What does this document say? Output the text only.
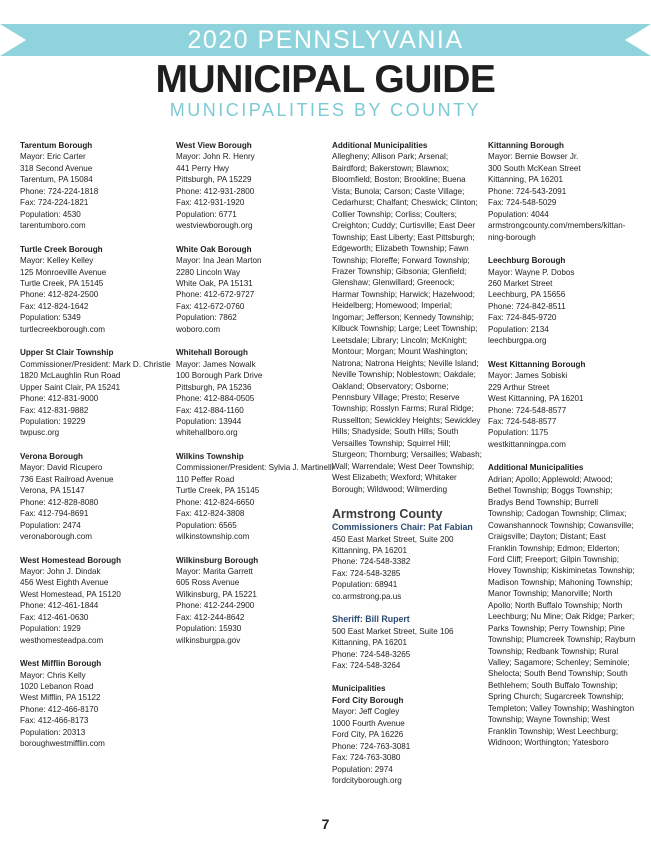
2020 PENNSLYVANIA
MUNICIPAL GUIDE
MUNICIPALITIES BY COUNTY
Tarentum Borough
Mayor: Eric Carter
318 Second Avenue
Tarentum, PA 15084
Phone: 724-224-1818
Fax: 724-224-1821
Population: 4530
tarentumboro.com
Turtle Creek Borough
Mayor: Kelley Kelley
125 Monroeville Avenue
Turtle Creek, PA 15145
Phone: 412-824-2500
Fax: 412-824-1642
Population: 5349
turtlecreekborough.com
Upper St Clair Township
Commissioner/President: Mark D. Christie
1820 McLaughlin Run Road
Upper Saint Clair, PA 15241
Phone: 412-831-9000
Fax: 412-831-9882
Population: 19229
twpusc.org
Verona Borough
Mayor: David Ricupero
736 East Railroad Avenue
Verona, PA 15147
Phone: 412-828-8080
Fax: 412-794-8691
Population: 2474
veronaborough.com
West Homestead Borough
Mayor: John J. Dindak
456 West Eighth Avenue
West Homestead, PA 15120
Phone: 412-461-1844
Fax: 412-461-0630
Population: 1929
westhomesteadpa.com
West Mifflin Borough
Mayor: Chris Kelly
1020 Lebanon Road
West Mifflin, PA 15122
Phone: 412-466-8170
Fax: 412-466-8173
Population: 20313
boroughwestmifflin.com
West View Borough
Mayor: John R. Henry
441 Perry Hwy
Pittsburgh, PA 15229
Phone: 412-931-2800
Fax: 412-931-1920
Population: 6771
westviewborough.org
White Oak Borough
Mayor: Ina Jean Marton
2280 Lincoln Way
White Oak, PA 15131
Phone: 412-672-9727
Fax: 412-672-0760
Population: 7862
woboro.com
Whitehall Borough
Mayor: James Nowalk
100 Borough Park Drive
Pittsburgh, PA 15236
Phone: 412-884-0505
Fax: 412-884-1160
Population: 13944
whitehallboro.org
Wilkins Township
Commissioner/President: Sylvia J. Martinelli
110 Peffer Road
Turtle Creek, PA 15145
Phone: 412-824-6650
Fax: 412-824-3808
Population: 6565
wilkinstownship.com
Wilkinsburg Borough
Mayor: Marita Garrett
605 Ross Avenue
Wilkinsburg, PA 15221
Phone: 412-244-2900
Fax: 412-244-8642
Population: 15930
wilkinsburgpa.gov
Additional Municipalities
Allegheny; Allison Park; Arsenal; Bairdford; Bakerstown; Blawnox; Bloomfield; Boston; Brookline; Buena Vista; Bunola; Carson; Caste Village; Cedarhurst; Chalfant; Cheswick; Clinton; Collier Township; Corliss; Coulters; Creighton; Cuddy; Curtisville; East Deer Township; East Liberty; East Pittsburgh; Edgeworth; Elizabeth Township; Fawn Township; Floreffe; Forward Township; Frazer Township; Gibsonia; Glenfield; Glenshaw; Glenwillard; Greenock; Harmar Township; Harwick; Hazelwood; Heidelberg; Homewood; Imperial; Ingomar; Jefferson; Kennedy Township; Kilbuck Township; Large; Leet Township; Leetsdale; Library; Lincoln; McKnight; Montour; Morgan; Mount Washington; Natrona; Natrona Heights; Neville Island; Neville Township; Noblestown; Oakdale; Oakland; Observatory; Osborne; Pennsbury Village; Presto; Reserve Township; Rosslyn Farms; Rural Ridge; Russellton; Sewickley Heights; Sewickley Hills; Shadyside; South Hills; South Versailles Township; Squirrel Hill; Sturgeon; Thornburg; Versailles; Wabash; Wall; Warrendale; West Deer Township; West Elizabeth; Wexford; Whitaker Borough; Wildwood; Wilmerding
Armstrong County
Commissioners Chair: Pat Fabian
450 East Market Street, Suite 200
Kittanning, PA 16201
Phone: 724-548-3382
Fax: 724-548-3285
Population: 68941
co.armstrong.pa.us
Sheriff: Bill Rupert
500 East Market Street, Suite 106
Kittanning, PA 16201
Phone: 724-548-3265
Fax: 724-548-3264
Municipalities
Ford City Borough
Mayor: Jeff Cogley
1000 Fourth Avenue
Ford City, PA 16226
Phone: 724-763-3081
Fax: 724-763-3080
Population: 2974
fordcityborough.org
Kittanning Borough
Mayor: Bernie Bowser Jr.
300 South McKean Street
Kittanning, PA 16201
Phone: 724-543-2091
Fax: 724-548-5029
Population: 4044
armstrongcounty.com/members/kittan-
ning-borough
Leechburg Borough
Mayor: Wayne P. Dobos
260 Market Street
Leechburg, PA 15656
Phone: 724-842-8511
Fax: 724-845-9720
Population: 2134
leechburgpa.org
West Kittanning Borough
Mayor: James Sobiski
229 Arthur Street
West Kittanning, PA 16201
Phone: 724-548-8577
Fax: 724-548-8577
Population: 1175
westkittanningpa.com
Additional Municipalities
Adrian; Apollo; Applewold; Atwood; Bethel Township; Boggs Township; Bradys Bend Township; Burrell Township; Cadogan Township; Climax; Cowanshannock Township; Cowansville; Craigsville; Dayton; Distant; East Franklin Township; Edmon; Elderton; Ford Cliff; Freeport; Gilpin Township; Hovey Township; Kiskiminetas Township; Madison Township; Mahoning Township; Manor Township; Manorville; North Apollo; North Buffalo Township; North Leechburg; Nu Mine; Oak Ridge; Parker; Parks Township; Perry Township; Pine Township; Plumcreek Township; Rayburn Township; Redbank Township; Rural Valley; Sagamore; Schenley; Seminole; Shelocta; South Bend Township; South Bethlehem; South Buffalo Township; Spring Church; Sugarcreek Township; Templeton; Valley Township; Washington Township; Wayne Township; West Franklin Township; West Leechburg; Widnoon; Worthington; Yatesboro
7
